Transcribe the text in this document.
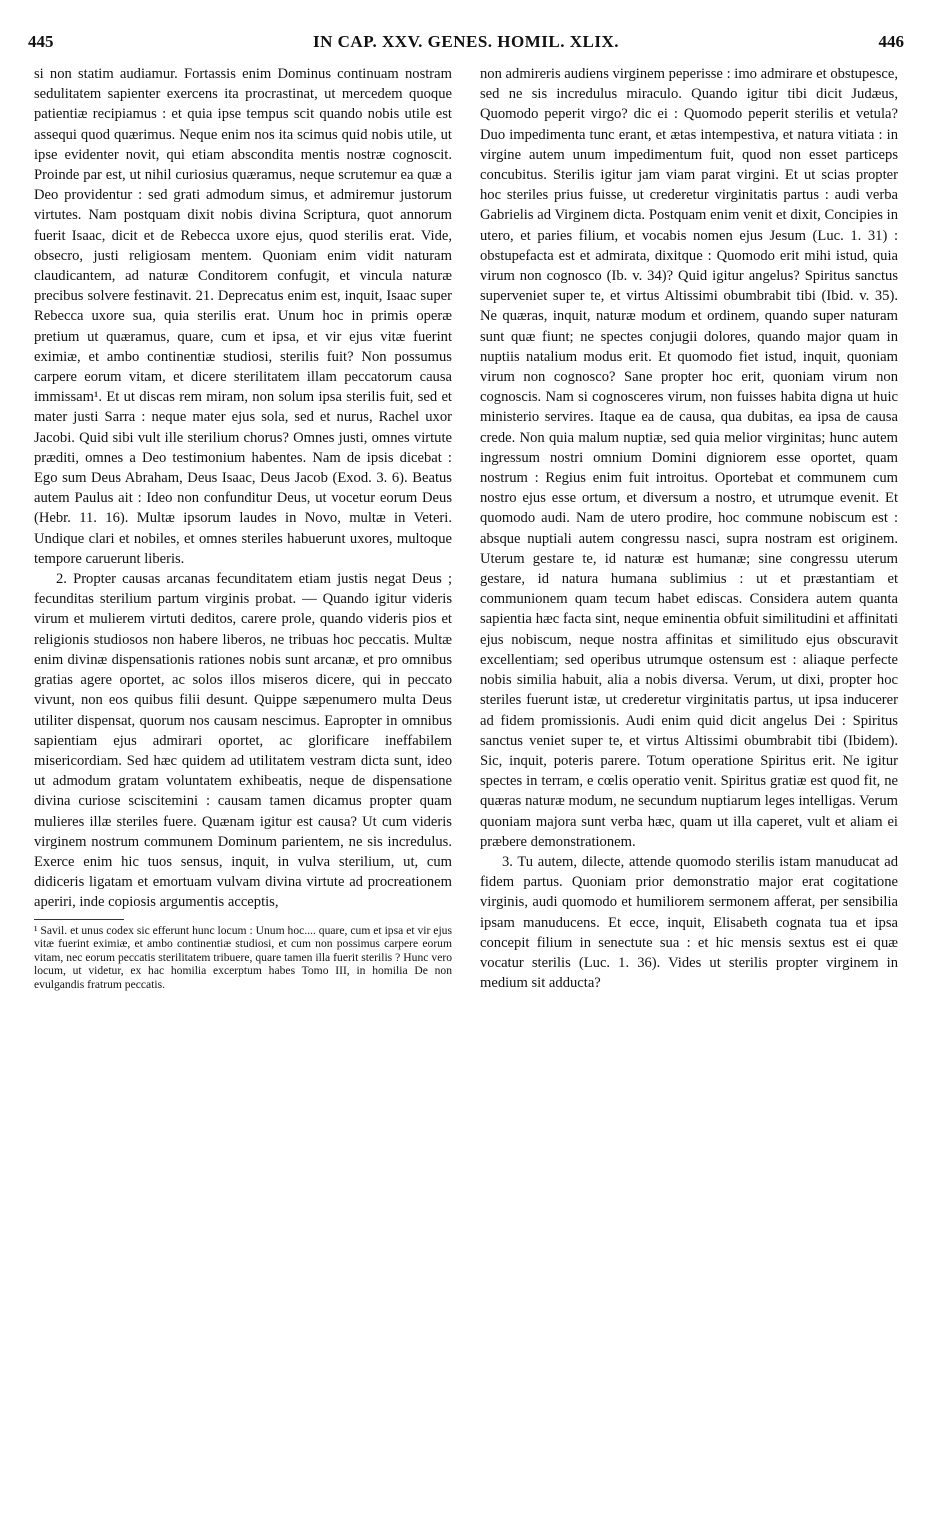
445	IN CAP. XXV. GENES. HOMIL. XLIX.	446

si non statim audiamur. Fortassis enim Dominus continuam nostram sedulitatem sapienter exercens ita procrastinat, ut mercedem quoque patientiæ recipiamus : et quia ipse tempus scit quando nobis utile est assequi quod quærimus. Neque enim nos ita scimus quid nobis utile, ut ipse evidenter novit, qui etiam abscondita mentis nostræ cognoscit. Proinde par est, ut nihil curiosius quæramus, neque scrutemur ea quæ a Deo providentur : sed grati admodum simus, et admiremur justorum virtutes. Nam postquam dixit nobis divina Scriptura, quot annorum fuerit Isaac, dicit et de Rebecca uxore ejus, quod sterilis erat. Vide, obsecro, justi religiosam mentem. Quoniam enim vidit naturam claudicantem, ad naturæ Conditorem confugit, et vincula naturæ precibus solvere festinavit. 21. Deprecatus enim est, inquit, Isaac super Rebecca uxore sua, quia sterilis erat. Unum hoc in primis operæ pretium ut quæramus, quare, cum et ipsa, et vir ejus vitæ fuerint eximiæ, et ambo continentiæ studiosi, sterilis fuit? Non possumus carpere eorum vitam, et dicere sterilitatem illam peccatorum causa immissam¹. Et ut discas rem miram, non solum ipsa sterilis fuit, sed et mater justi Sarra : neque mater ejus sola, sed et nurus, Rachel uxor Jacobi. Quid sibi vult ille sterilium chorus? Omnes justi, omnes virtute præditi, omnes a Deo testimonium habentes. Nam de ipsis dicebat : Ego sum Deus Abraham, Deus Isaac, Deus Jacob (Exod. 3. 6). Beatus autem Paulus ait : Ideo non confunditur Deus, ut vocetur eorum Deus (Hebr. 11. 16). Multæ ipsorum laudes in Novo, multæ in Veteri. Undique clari et nobiles, et omnes steriles habuerunt uxores, multoque tempore caruerunt liberis.

2. Propter causas arcanas fecunditatem etiam justis negat Deus ; fecunditas sterilium partum virginis probat. — Quando igitur videris virum et mulierem virtuti deditos, carere prole, quando videris pios et religionis studiosos non habere liberos, ne tribuas hoc peccatis. Multæ enim divinæ dispensationis rationes nobis sunt arcanæ, et pro omnibus gratias agere oportet, ac solos illos miseros dicere, qui in peccato vivunt, non eos quibus filii desunt. Quippe sæpenumero multa Deus utiliter dispensat, quorum nos causam nescimus. Eapropter in omnibus sapientiam ejus admirari oportet, ac glorificare ineffabilem misericordiam. Sed hæc quidem ad utilitatem vestram dicta sunt, ideo ut admodum gratam voluntatem exhibeatis, neque de dispensatione divina curiose sciscitemini : causam tamen dicamus propter quam mulieres illæ steriles fuere. Quænam igitur est causa? Ut cum videris virginem nostrum communem Dominum parientem, ne sis incredulus. Exerce enim hic tuos sensus, inquit, in vulva sterilium, ut, cum didiceris ligatam et emortuam vulvam divina virtute ad procreationem aperiri, inde copiosis argumentis acceptis,

¹ Savil. et unus codex sic efferunt hunc locum : Unum hoc.... quare, cum et ipsa et vir ejus vitæ fuerint eximiæ, et ambo continentiæ studiosi, et cum non possimus carpere eorum vitam, nec eorum peccatis sterilitatem tribuere, quare tamen illa fuerit sterilis ? Hunc vero locum, ut videtur, ex hac homilia excerptum habes Tomo III, in homilia De non evulgandis fratrum peccatis.

non admireris audiens virginem peperisse : imo admirare et obstupesce, sed ne sis incredulus miraculo. Quando igitur tibi dicit Judæus, Quomodo peperit virgo? dic ei : Quomodo peperit sterilis et vetula? Duo impedimenta tunc erant, et ætas intempestiva, et natura vitiata : in virgine autem unum impedimentum fuit, quod non esset particeps concubitus. Sterilis igitur jam viam parat virgini. Et ut scias propter hoc steriles prius fuisse, ut crederetur virginitatis partus : audi verba Gabrielis ad Virginem dicta. Postquam enim venit et dixit, Concipies in utero, et paries filium, et vocabis nomen ejus Jesum (Luc. 1. 31) : obstupefacta est et admirata, dixitque : Quomodo erit mihi istud, quia virum non cognosco (Ib. v. 34)? Quid igitur angelus? Spiritus sanctus superveniet super te, et virtus Altissimi obumbrabit tibi (Ibid. v. 35). Ne quæras, inquit, naturæ modum et ordinem, quando super naturam sunt quæ fiunt; ne spectes conjugii dolores, quando major quam in nuptiis natalium modus erit. Et quomodo fiet istud, inquit, quoniam virum non cognosco? Sane propter hoc erit, quoniam virum non cognoscis. Nam si cognosceres virum, non fuisses habita digna ut huic ministerio servires. Itaque ea de causa, qua dubitas, ea ipsa de causa crede. Non quia malum nuptiæ, sed quia melior virginitas; hunc autem ingressum nostri omnium Domini digniorem esse oportet, quam nostrum : Regius enim fuit introitus. Oportebat et communem cum nostro ejus esse ortum, et diversum a nostro, et utrumque evenit. Et quomodo audi. Nam de utero prodire, hoc commune nobiscum est : absque nuptiali autem congressu nasci, supra nostram est originem. Uterum gestare te, id naturæ est humanæ; sine congressu uterum gestare, id natura humana sublimius : ut et præstantiam et communionem quam tecum habet ediscas. Considera autem quanta sapientia hæc facta sint, neque eminentia obfuit similitudini et affinitati ejus nobiscum, neque nostra affinitas et similitudo ejus obscuravit excellentiam; sed operibus utrumque ostensum est : aliaque perfecte nobis similia habuit, alia a nobis diversa. Verum, ut dixi, propter hoc steriles fuerunt istæ, ut crederetur virginitatis partus, ut ipsa inducerer ad fidem promissionis. Audi enim quid dicit angelus Dei : Spiritus sanctus veniet super te, et virtus Altissimi obumbrabit tibi (Ibidem). Sic, inquit, poteris parere. Totum operatione Spiritus erit. Ne igitur spectes in terram, e cœlis operatio venit. Spiritus gratiæ est quod fit, ne quæras naturæ modum, ne secundum nuptiarum leges intelligas. Verum quoniam majora sunt verba hæc, quam ut illa caperet, vult et aliam ei præbere demonstrationem.

3. Tu autem, dilecte, attende quomodo sterilis istam manuducat ad fidem partus. Quoniam prior demonstratio major erat cogitatione virginis, audi quomodo et humiliorem sermonem afferat, per sensibilia ipsam manuducens. Et ecce, inquit, Elisabeth cognata tua et ipsa concepit filium in senectute sua : et hic mensis sextus est ei quæ vocatur sterilis (Luc. 1. 36). Vides ut sterilis propter virginem in medium sit adducta?
